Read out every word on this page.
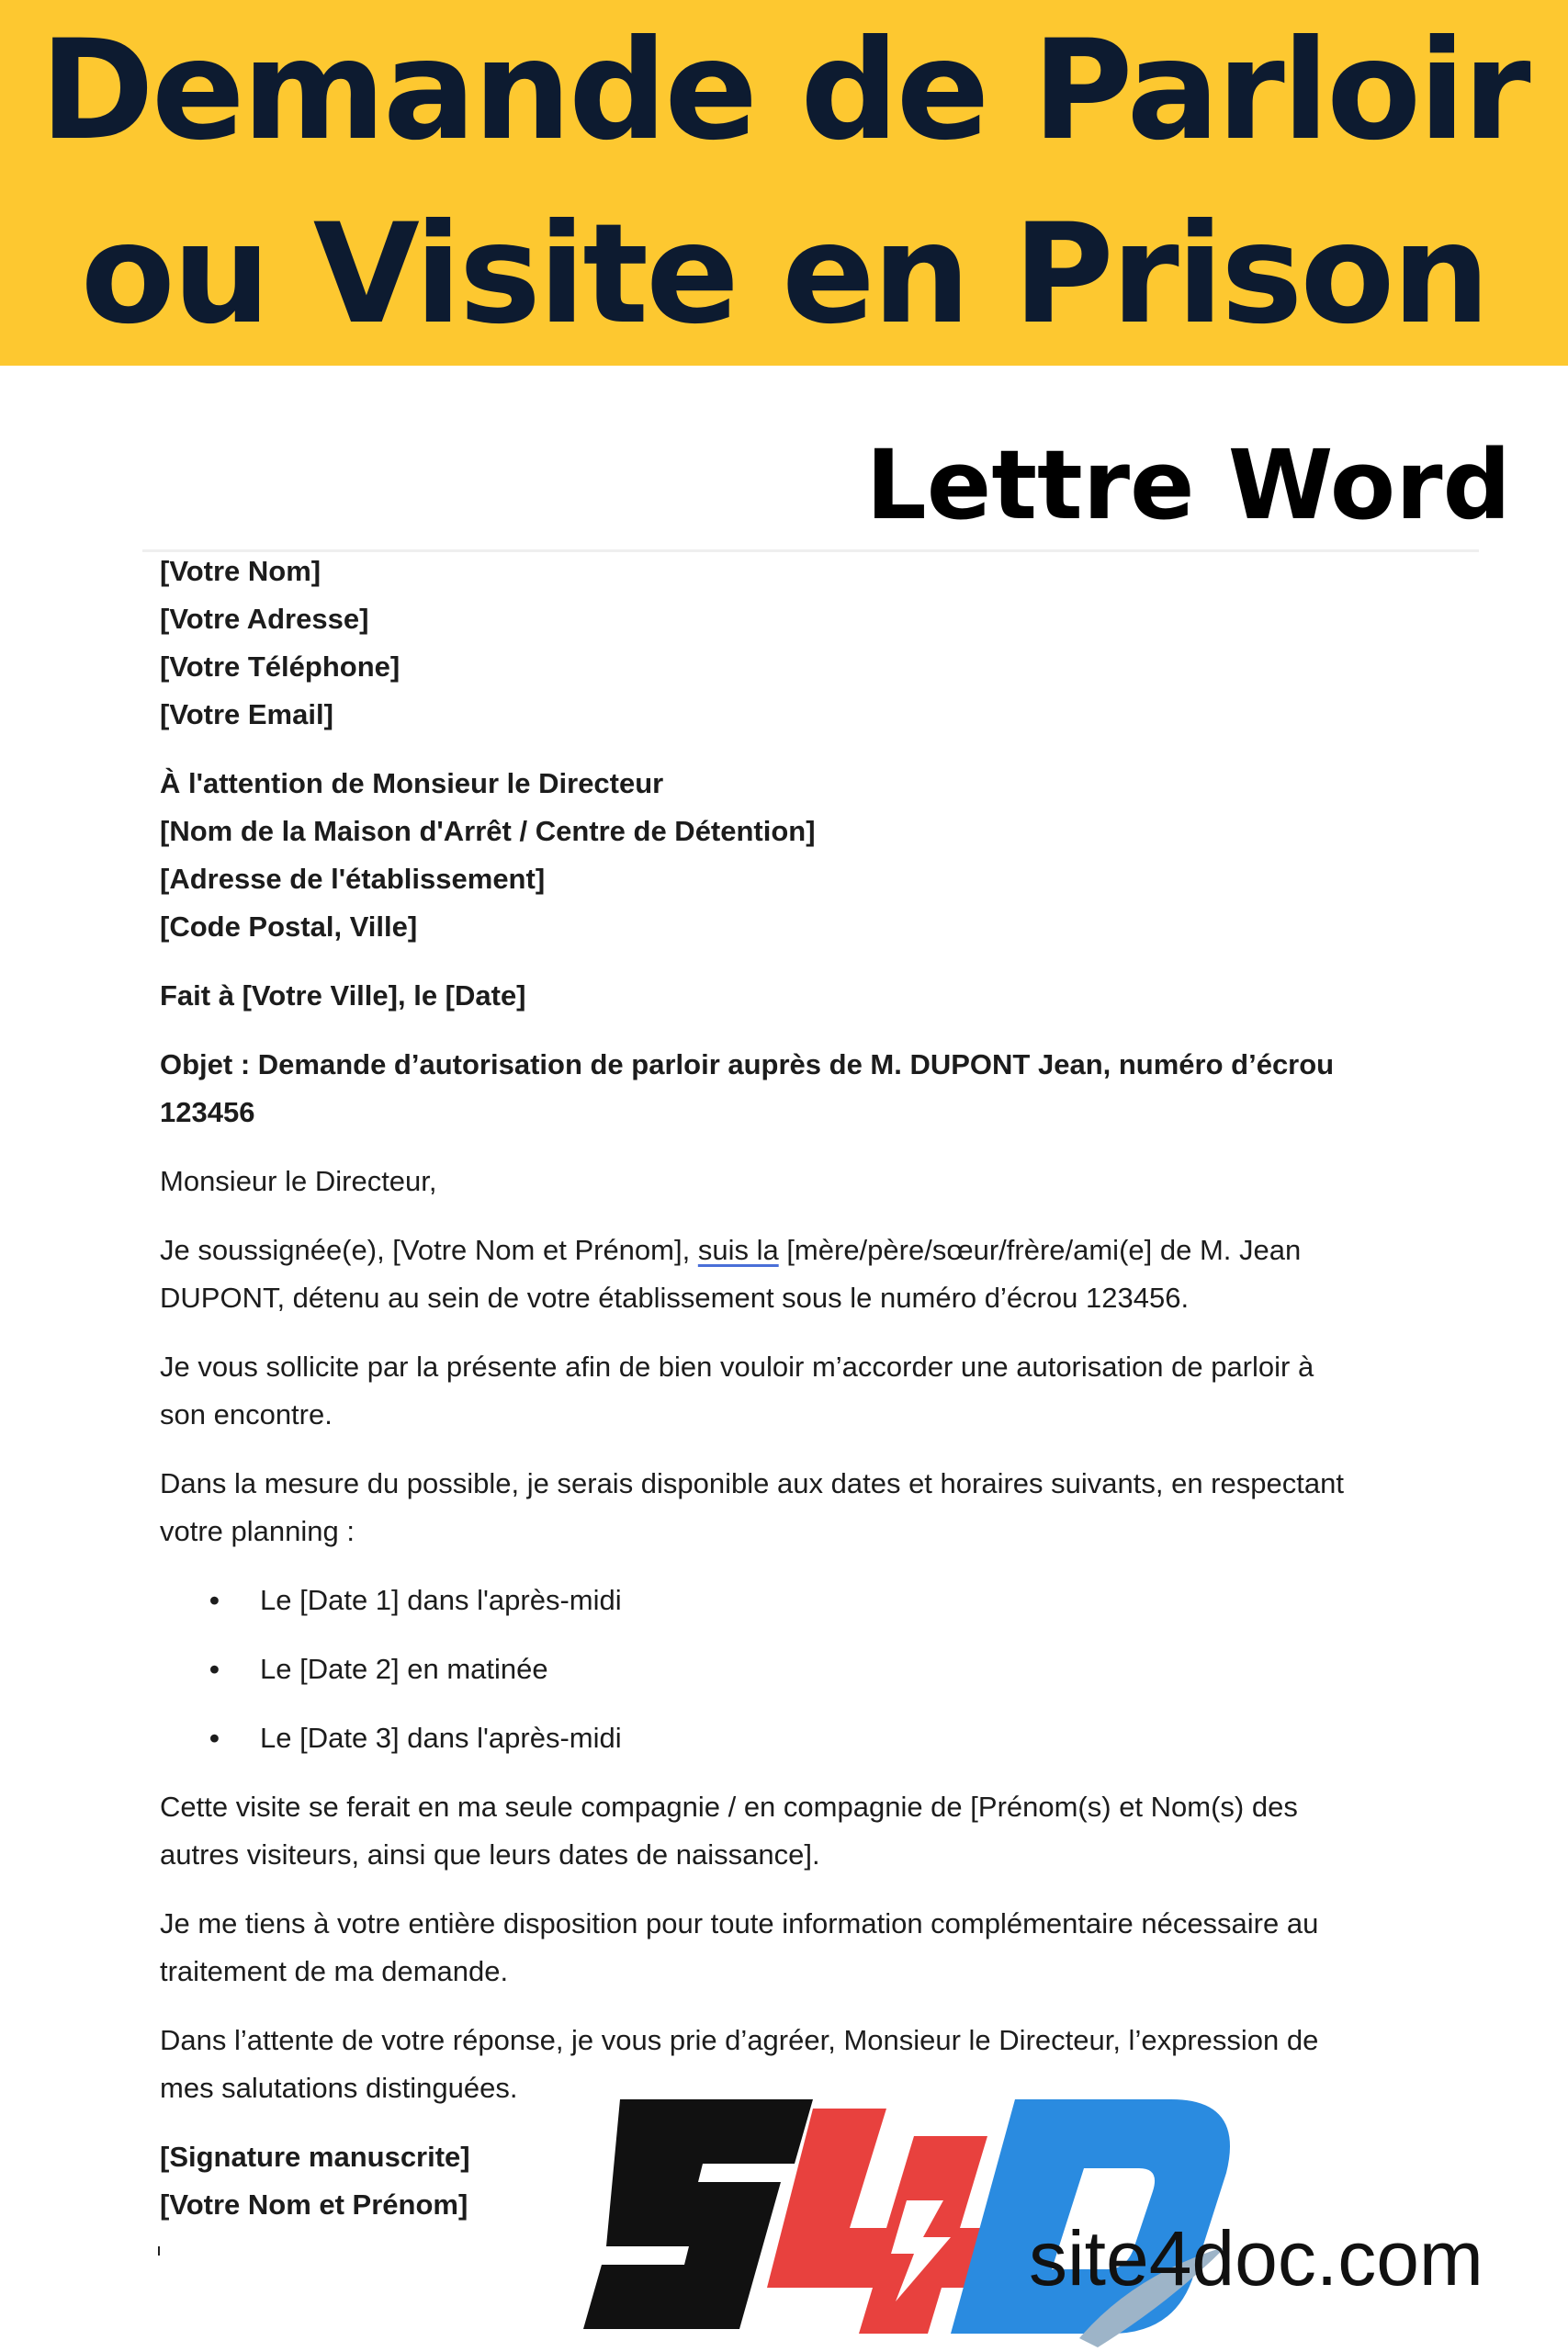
Demande de Parloir
ou Visite en Prison
Lettre Word

[Votre Nom]

[Votre Adresse]

[Votre Téléphone]

[Votre Email]

À l'attention de Monsieur le Directeur

[Nom de la Maison d'Arrêt / Centre de Détention]

[Adresse de l'établissement]

[Code Postal, Ville]

Fait à [Votre Ville], le [Date]

Objet : Demande d’autorisation de parloir auprès de M. DUPONT Jean, numéro d’écrou

123456

Monsieur le Directeur,

Je soussignée(e), [Votre Nom et Prénom], suis la [mère/père/sœur/frère/ami(e] de M. Jean

DUPONT, détenu au sein de votre établissement sous le numéro d’écrou 123456.

Je vous sollicite par la présente afin de bien vouloir m’accorder une autorisation de parloir à

son encontre.

Dans la mesure du possible, je serais disponible aux dates et horaires suivants, en respectant

votre planning :

• Le [Date 1] dans l'après-midi
• Le [Date 2] en matinée
• Le [Date 3] dans l'après-midi

Cette visite se ferait en ma seule compagnie / en compagnie de [Prénom(s) et Nom(s) des

autres visiteurs, ainsi que leurs dates de naissance].

Je me tiens à votre entière disposition pour toute information complémentaire nécessaire au

traitement de ma demande.

Dans l’attente de votre réponse, je vous prie d’agréer, Monsieur le Directeur, l’expression de

mes salutations distinguées.

[Signature manuscrite]

[Votre Nom et Prénom]

site4doc.com
